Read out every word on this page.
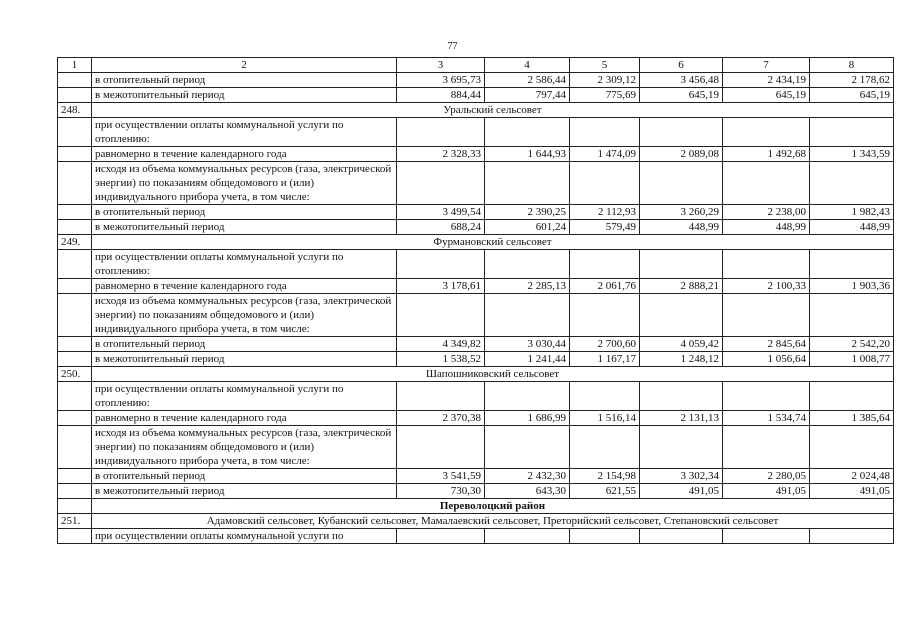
77
1	2	3	4	5	6	7	8
	в отопительный период	3 695,73	2 586,44	2 309,12	3 456,48	2 434,19	2 178,62
	в межотопительный период	884,44	797,44	775,69	645,19	645,19	645,19
248.	Уральский сельсовет						
	при осуществлении оплаты коммунальной услуги по отоплению:						
	равномерно в течение календарного года	2 328,33	1 644,93	1 474,09	2 089,08	1 492,68	1 343,59
	исходя из объема коммунальных ресурсов (газа, электрической энергии) по показаниям общедомового и (или) индивидуального прибора учета, в том числе:						
	в отопительный период	3 499,54	2 390,25	2 112,93	3 260,29	2 238,00	1 982,43
	в межотопительный период	688,24	601,24	579,49	448,99	448,99	448,99
249.	Фурмановский сельсовет						
	при осуществлении оплаты коммунальной услуги по отоплению:						
	равномерно в течение календарного года	3 178,61	2 285,13	2 061,76	2 888,21	2 100,33	1 903,36
	исходя из объема коммунальных ресурсов (газа, электрической энергии) по показаниям общедомового и (или) индивидуального прибора учета, в том числе:						
	в отопительный период	4 349,82	3 030,44	2 700,60	4 059,42	2 845,64	2 542,20
	в межотопительный период	1 538,52	1 241,44	1 167,17	1 248,12	1 056,64	1 008,77
250.	Шапошниковский сельсовет						
	при осуществлении оплаты коммунальной услуги по отоплению:						
	равномерно в течение календарного года	2 370,38	1 686,99	1 516,14	2 131,13	1 534,74	1 385,64
	исходя из объема коммунальных ресурсов (газа, электрической энергии) по показаниям общедомового и (или) индивидуального прибора учета, в том числе:						
	в отопительный период	3 541,59	2 432,30	2 154,98	3 302,34	2 280,05	2 024,48
	в межотопительный период	730,30	643,30	621,55	491,05	491,05	491,05
	Переволоцкий район						
251.	Адамовский сельсовет, Кубанский сельсовет, Мамалаевский сельсовет, Преторийский сельсовет, Степановский сельсовет						
	при осуществлении оплаты коммунальной услуги по						
